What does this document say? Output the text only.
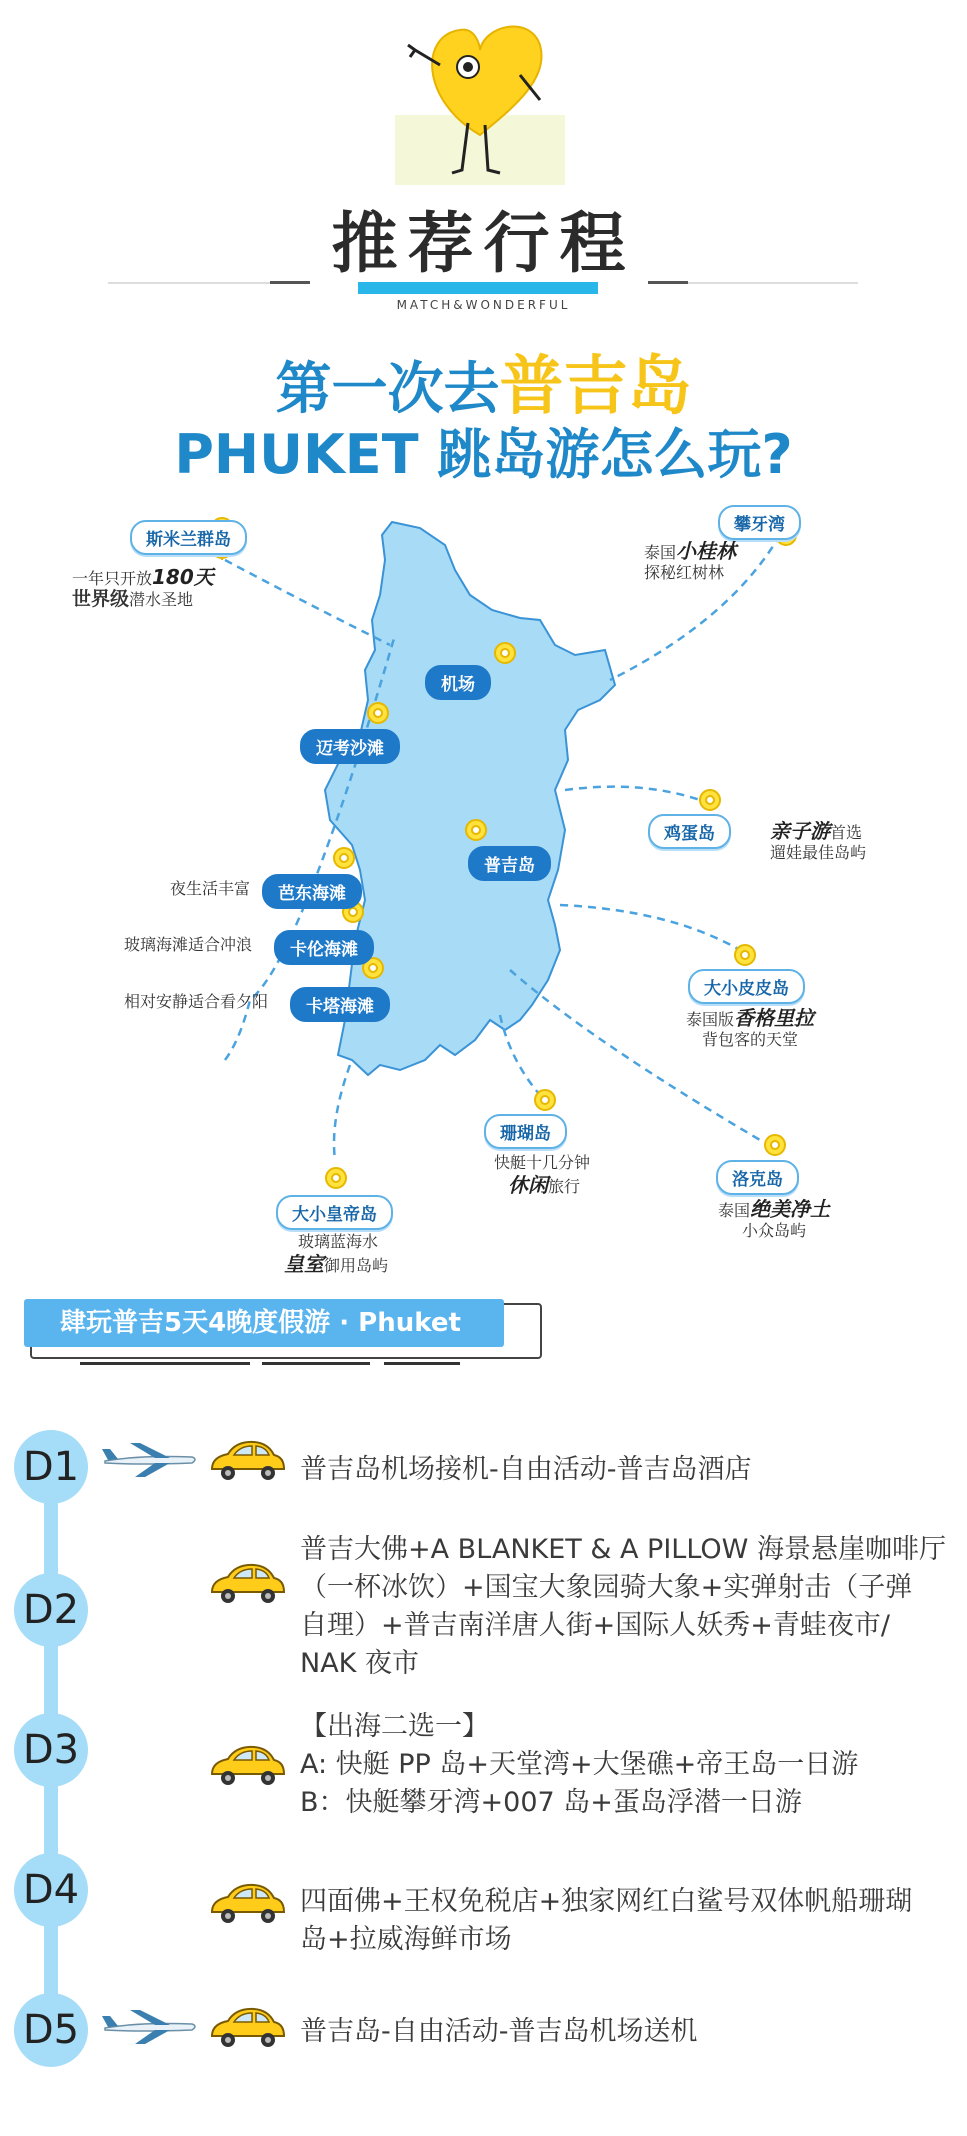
推荐行程
MATCH&WONDERFUL
第一次去普吉岛
PHUKET 跳岛游怎么玩?
斯米兰群岛
一年只开放180天
世界级潜水圣地
攀牙湾
泰国小桂林
探秘红树林
机场
迈考沙滩
鸡蛋岛	亲子游首选
遛娃最佳岛屿
普吉岛
芭东海滩
夜生活丰富
卡伦海滩
玻璃海滩适合冲浪
卡塔海滩
相对安静适合看夕阳
大小皮皮岛
泰国版香格里拉
背包客的天堂
珊瑚岛
快艇十几分钟
休闲旅行	洛克岛
泰国绝美净土
小众岛屿
大小皇帝岛
玻璃蓝海水
皇室御用岛屿
肆玩普吉5天4晚度假游 · Phuket
D1	普吉岛机场接机-自由活动-普吉岛酒店
D2
普吉大佛+A BLANKET & A PILLOW 海景悬崖咖啡厅
（一杯冰饮）+国宝大象园骑大象+实弹射击（子弹
自理）+普吉南洋唐人街+国际人妖秀+青蛙夜市/
NAK 夜市
D3
【出海二选一】
A: 快艇 PP 岛+天堂湾+大堡礁+帝王岛一日游
B：快艇攀牙湾+007 岛+蛋岛浮潜一日游
D4	四面佛+王权免税店+独家网红白鲨号双体帆船珊瑚
岛+拉威海鲜市场
D5	普吉岛-自由活动-普吉岛机场送机
